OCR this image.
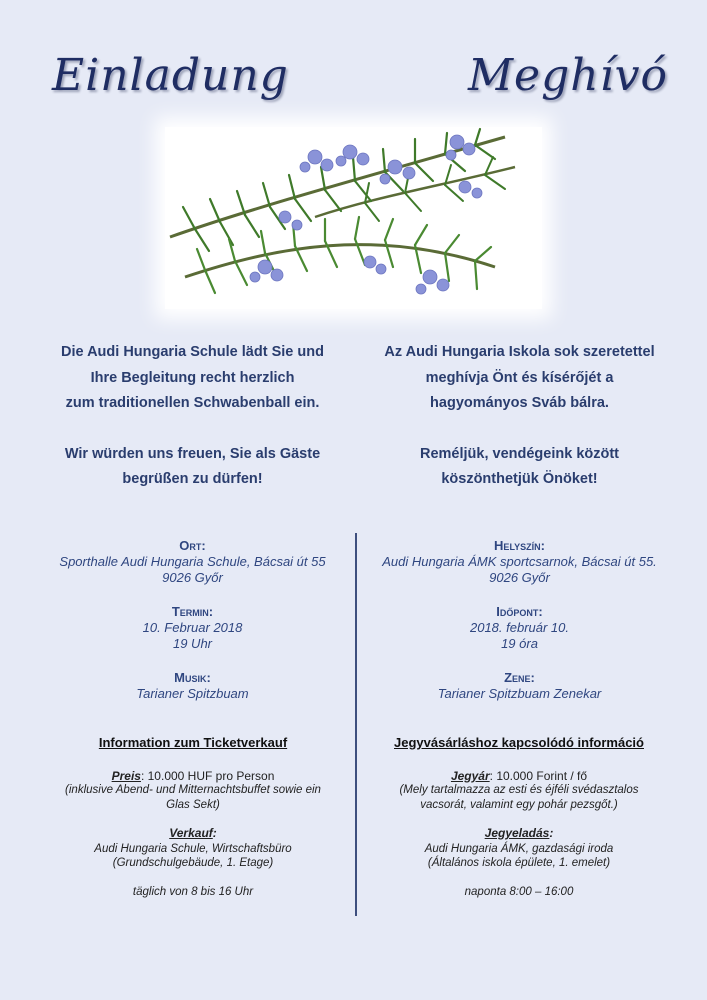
Einladung	Meghívó

Die Audi Hungaria Schule lädt Sie und

Ihre Begleitung recht herzlich

zum traditionellen Schwabenball ein.

Wir würden uns freuen, Sie als Gäste

begrüßen zu dürfen!

Az Audi Hungaria Iskola sok szeretettel

meghívja Önt és kísérőjét a

hagyományos Sváb bálra.

Reméljük, vendégeink között

köszönthetjük Önöket!

Ort:
Sporthalle Audi Hungaria Schule, Bácsai út 55
9026 Győr
Termin:
10. Februar 2018
19 Uhr
Musik:
Tarianer Spitzbuam
Helyszín:
Audi Hungaria ÁMK sportcsarnok, Bácsai út 55.
9026 Győr
Időpont:
2018. február 10.
19 óra
Zene:
Tarianer Spitzbuam Zenekar
Information zum Ticketverkauf
Preis: 10.000 HUF pro Person
(inklusive Abend- und Mitternachtsbuffet sowie ein Glas Sekt)
Verkauf:
Audi Hungaria Schule, Wirtschaftsbüro
(Grundschulgebäude, 1. Etage)
täglich von 8 bis 16 Uhr
Jegyvásárláshoz kapcsolódó információ
Jegyár: 10.000 Forint / fő
(Mely tartalmazza az esti és éjféli svédasztalos vacsorát, valamint egy pohár pezsgőt.)
Jegyeladás:
Audi Hungaria ÁMK, gazdasági iroda
(Általános iskola épülete, 1. emelet)
naponta 8:00 – 16:00
